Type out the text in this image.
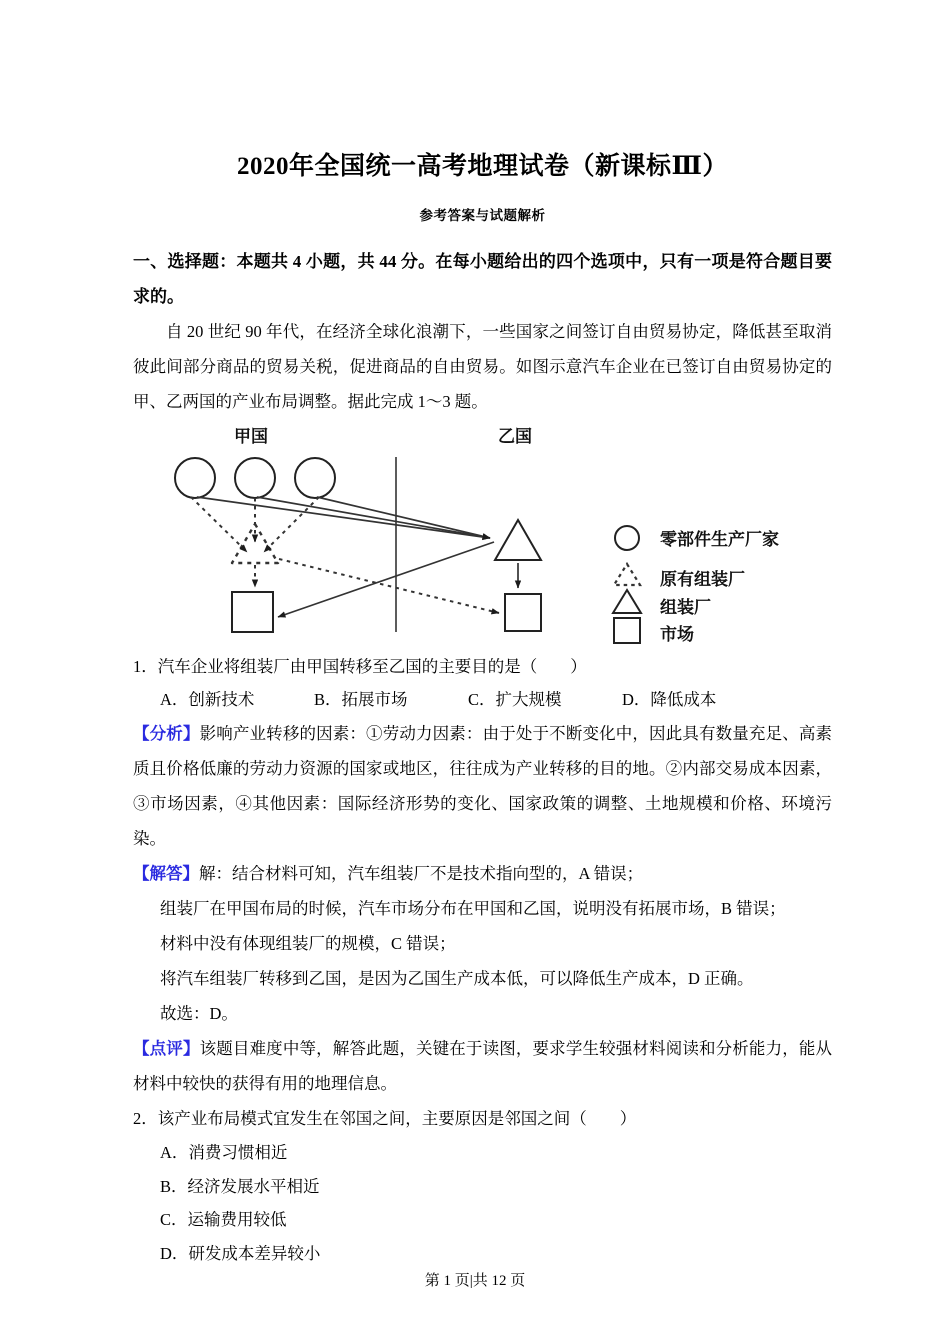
2020年全国统一高考地理试卷（新课标Ⅲ）
参考答案与试题解析
一、选择题：本题共 4 小题，共 44 分。在每小题给出的四个选项中，只有一项是符合题目要求的。
自 20 世纪 90 年代，在经济全球化浪潮下，一些国家之间签订自由贸易协定，降低甚至取消彼此间部分商品的贸易关税，促进商品的自由贸易。如图示意汽车企业在已签订自由贸易协定的甲、乙两国的产业布局调整。据此完成 1～3 题。
甲国	乙国
零部件生产厂家
原有组装厂
组装厂
市场
1．汽车企业将组装厂由甲国转移至乙国的主要目的是（　　）
A．创新技术	B．拓展市场	C．扩大规模	D．降低成本
【分析】影响产业转移的因素：①劳动力因素：由于处于不断变化中，因此具有数量充足、高素质且价格低廉的劳动力资源的国家或地区，往往成为产业转移的目的地。②内部交易成本因素，③市场因素，④其他因素：国际经济形势的变化、国家政策的调整、土地规模和价格、环境污染。
【解答】解：结合材料可知，汽车组装厂不是技术指向型的，A 错误；
组装厂在甲国布局的时候，汽车市场分布在甲国和乙国，说明没有拓展市场，B 错误；
材料中没有体现组装厂的规模，C 错误；
将汽车组装厂转移到乙国，是因为乙国生产成本低，可以降低生产成本，D 正确。
故选：D。
【点评】该题目难度中等，解答此题，关键在于读图，要求学生较强材料阅读和分析能力，能从材料中较快的获得有用的地理信息。
2．该产业布局模式宜发生在邻国之间，主要原因是邻国之间（　　）
A．消费习惯相近B．经济发展水平相近
C．运输费用较低D．研发成本差异较小
第 1 页|共 12 页
